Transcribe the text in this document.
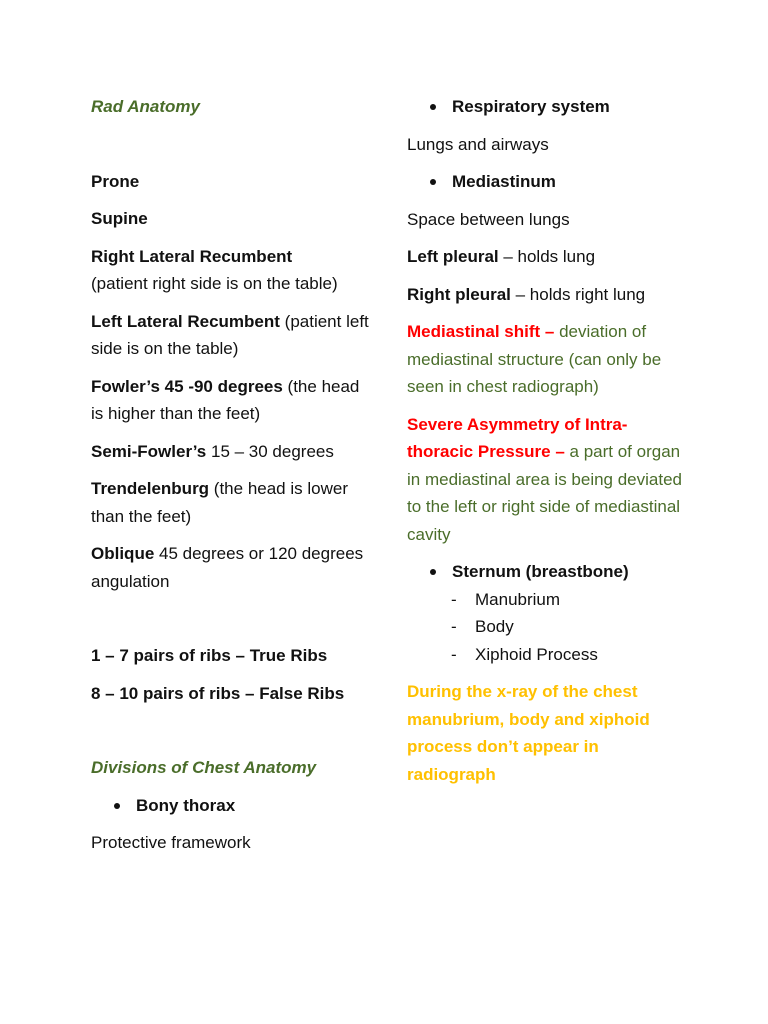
Rad Anatomy

Prone

Supine

Right Lateral Recumbent
(patient right side is on the table)

Left Lateral Recumbent (patient left side is on the table)

Fowler’s 45 -90 degrees (the head is higher than the feet)

Semi-Fowler’s 15 – 30 degrees

Trendelenburg (the head is lower than the feet)

Oblique 45 degrees or 120 degrees angulation

1 – 7 pairs of ribs – True Ribs

8 – 10 pairs of ribs – False Ribs

Divisions of Chest Anatomy

Bony thorax

Protective framework

Respiratory system

Lungs and airways

Mediastinum

Space between lungs

Left pleural – holds lung

Right pleural – holds right lung

Mediastinal shift – deviation of mediastinal structure (can only be seen in chest radiograph)

Severe Asymmetry of Intra-thoracic Pressure – a part of organ in mediastinal area is being deviated to the left or right side of mediastinal cavity

Sternum (breastbone)

- Manubrium

- Body

- Xiphoid Process

During the x-ray of the chest manubrium, body and xiphoid process don’t appear in radiograph
